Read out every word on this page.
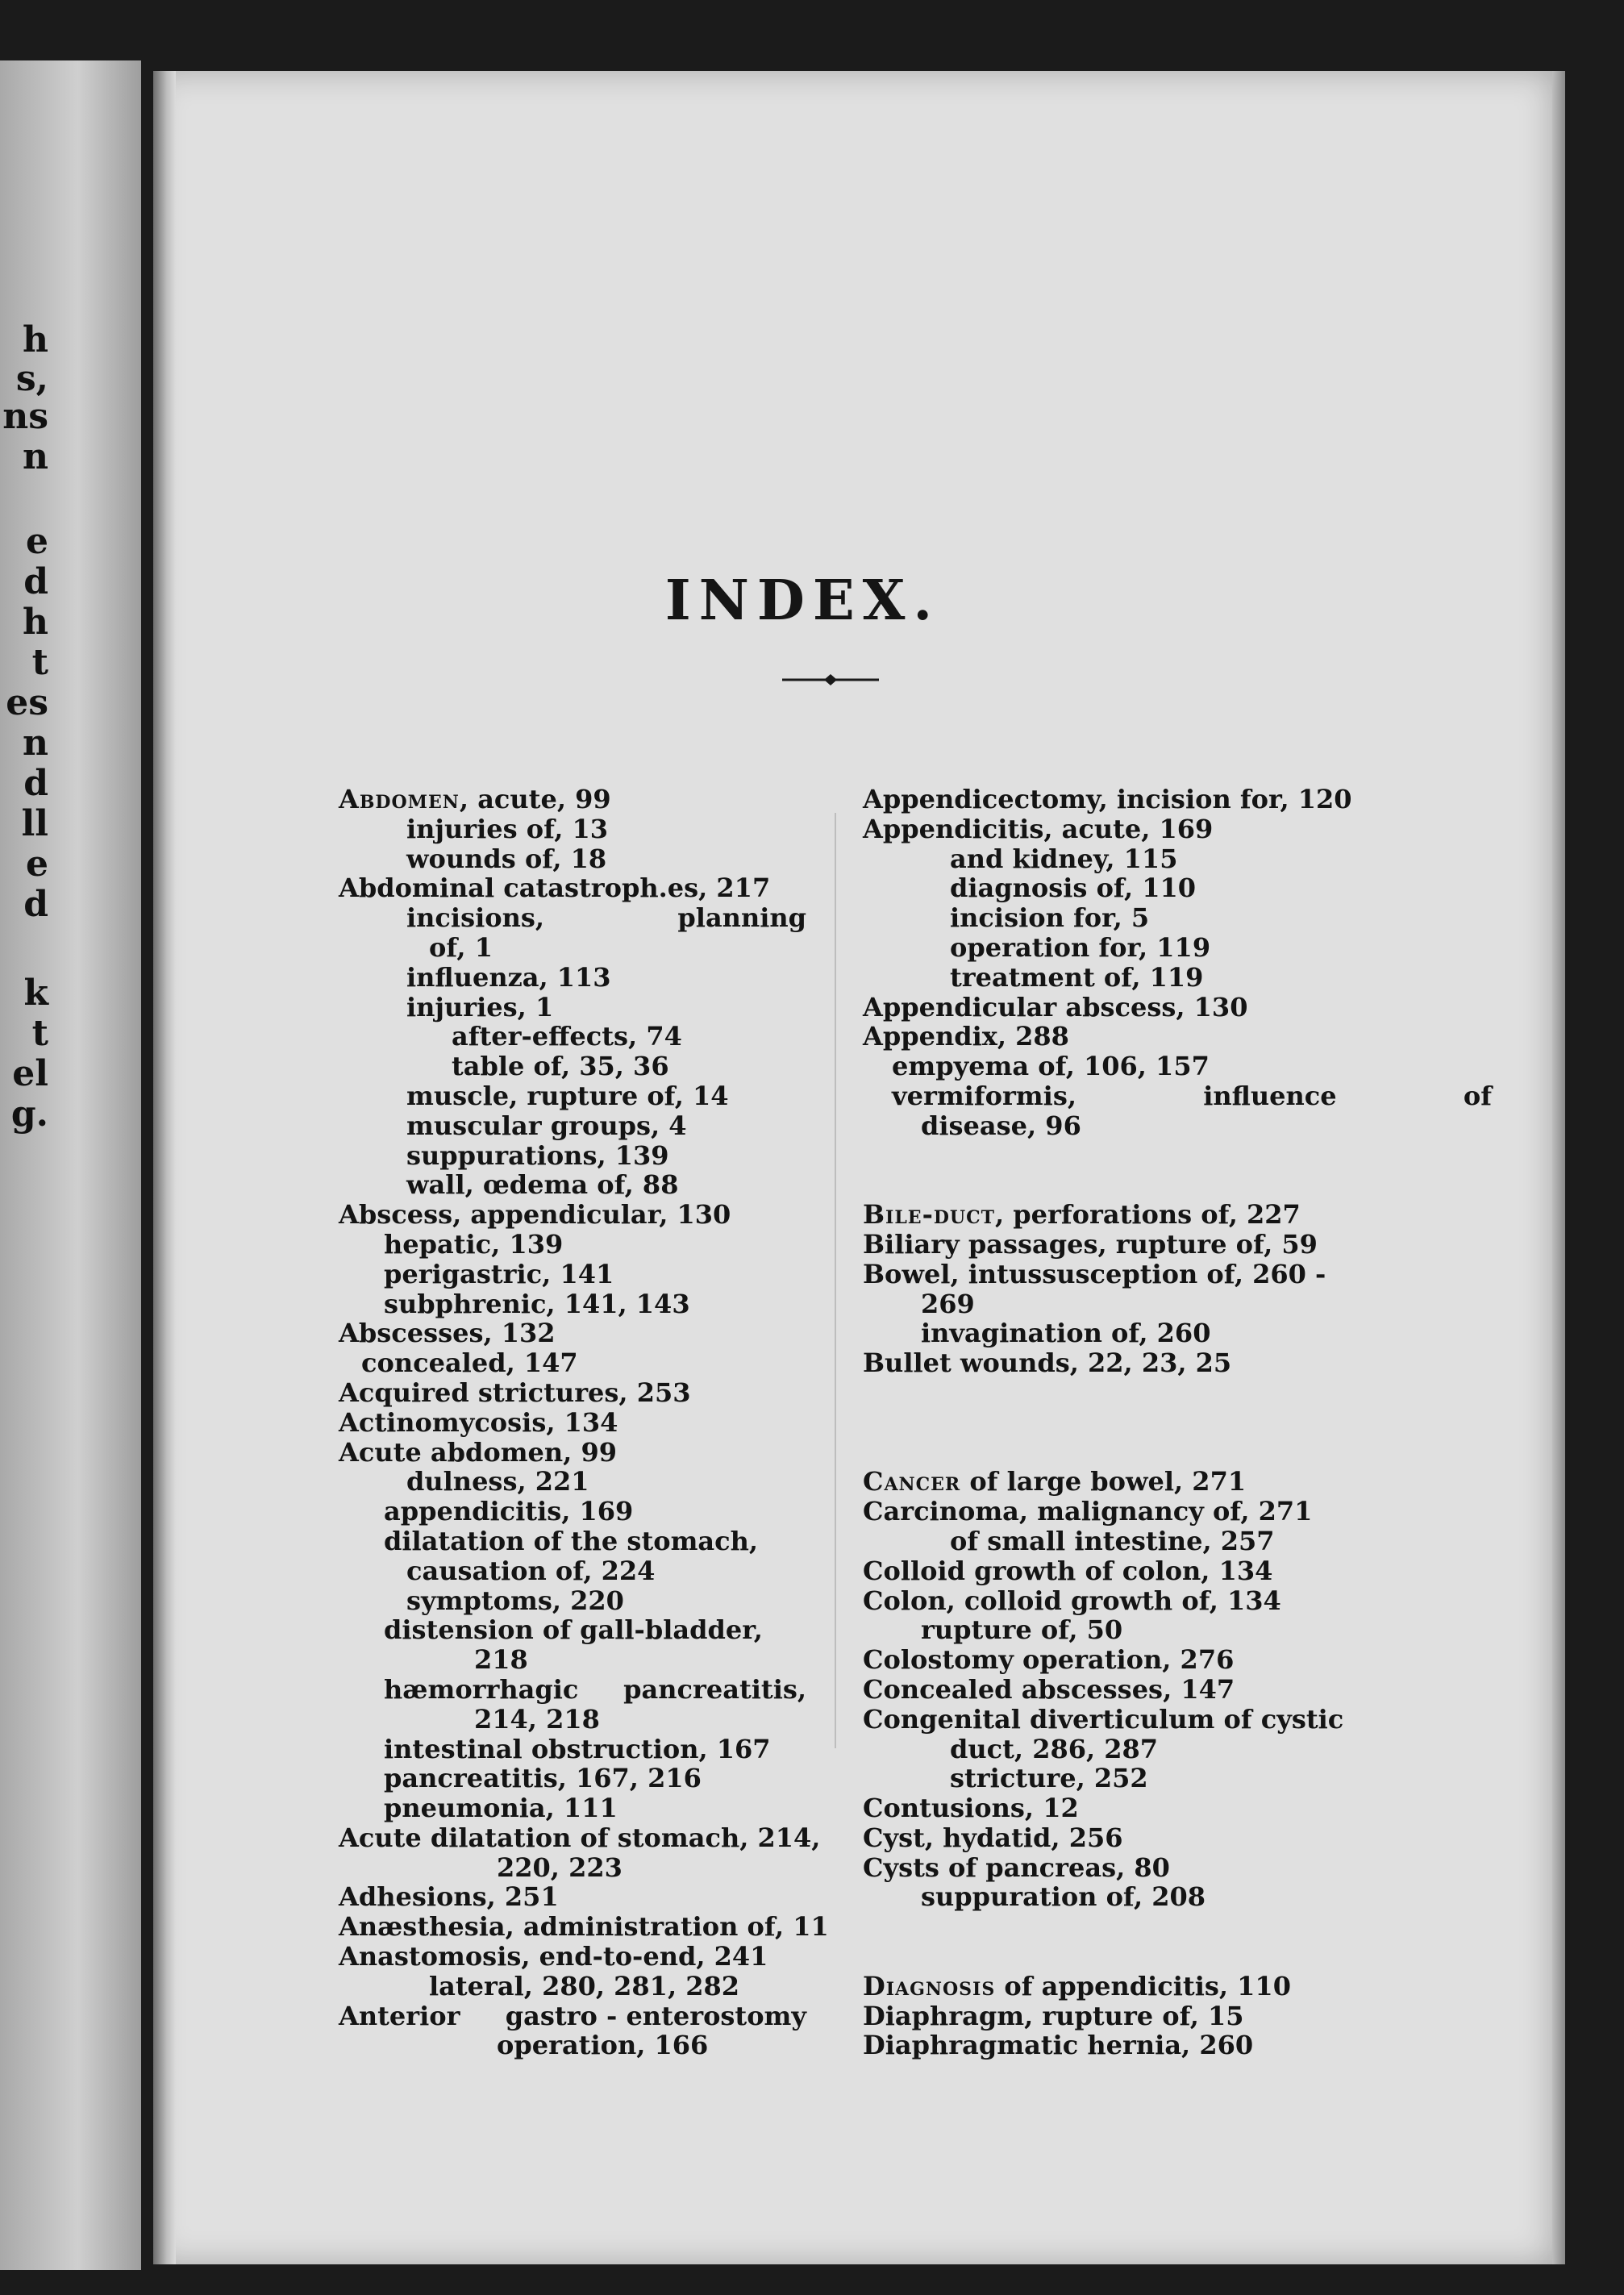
h
s,
ns
n
e
d
h
t
es
n
d
ll
e
d
k
t
el
g.
INDEX.
Abdomen, acute, 99
injuries of, 13
wounds of, 18
Abdominal catastroph.es, 217
incisions,	planning
of, 1
influenza, 113
injuries, 1
after-effects, 74
table of, 35, 36
muscle, rupture of, 14
muscular groups, 4
suppurations, 139
wall, œdema of, 88
Abscess, appendicular, 130
hepatic, 139
perigastric, 141
subphrenic, 141, 143
Abscesses, 132
concealed, 147
Acquired strictures, 253
Actinomycosis, 134
Acute abdomen, 99
dulness, 221
appendicitis, 169
dilatation of the stomach,
causation of, 224
symptoms, 220
distension of gall-bladder,
218
hæmorrhagic pancreatitis,
214, 218
intestinal obstruction, 167
pancreatitis, 167, 216
pneumonia, 111
Acute dilatation of stomach, 214,
220, 223
Adhesions, 251
Anæsthesia, administration of, 11
Anastomosis, end-to-end, 241
lateral, 280, 281, 282
Anterior gastro - enterostomy
operation, 166
Appendicectomy, incision for, 120
Appendicitis, acute, 169
and kidney, 115
diagnosis of, 110
incision for, 5
operation for, 119
treatment of, 119
Appendicular abscess, 130
Appendix, 288
empyema of, 106, 157
vermiformis,	influence	of
disease, 96
Bile-duct, perforations of, 227
Biliary passages, rupture of, 59
Bowel, intussusception of, 260 -
269
invagination of, 260
Bullet wounds, 22, 23, 25
Cancer of large bowel, 271
Carcinoma, malignancy of, 271
of small intestine, 257
Colloid growth of colon, 134
Colon, colloid growth of, 134
rupture of, 50
Colostomy operation, 276
Concealed abscesses, 147
Congenital diverticulum of cystic
duct, 286, 287
stricture, 252
Contusions, 12
Cyst, hydatid, 256
Cysts of pancreas, 80
suppuration of, 208
Diagnosis of appendicitis, 110
Diaphragm, rupture of, 15
Diaphragmatic hernia, 260
